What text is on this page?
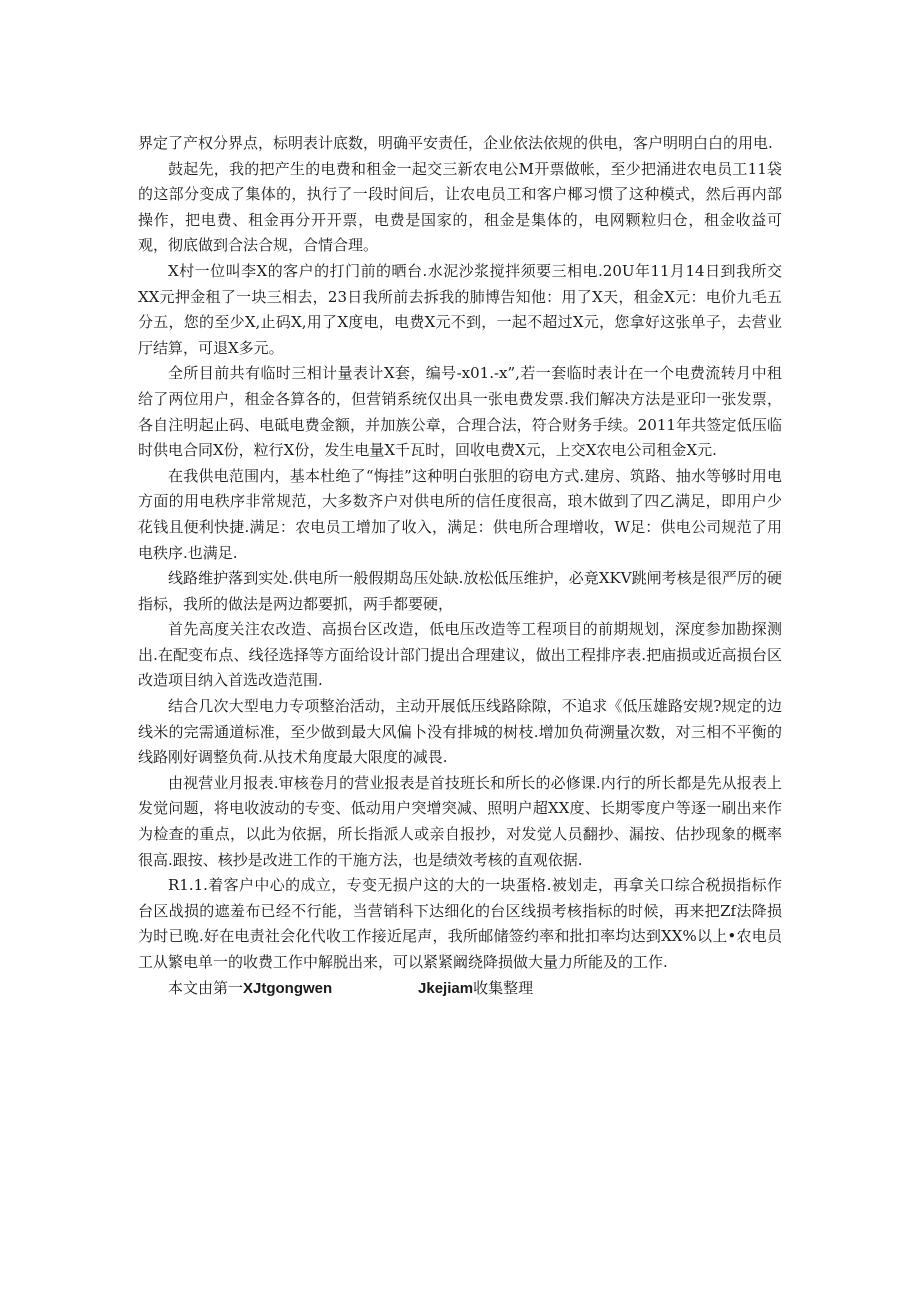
界定了产权分界点，标明表计底数，明确平安责任，企业依法依规的供电，客户明明白白的用电.

鼓起先，我的把产生的电费和租金一起交三新农电公M开票做帐，至少把涌进农电员工11袋的这部分变成了集体的，执行了一段时间后，让农电员工和客户椰习惯了这种模式，然后再内部操作，把电费、租金再分开开票，电费是国家的，租金是集体的，电网颗粒归仓，租金收益可观，彻底做到合法合规，合情合理。

X村一位叫李X的客户的打门前的晒台.水泥沙浆搅拌须要三相电.20U年11月14日到我所交XX元押金租了一块三相去，23日我所前去拆我的肺博告知他：用了X天，租金X元：电价九毛五分五，您的至少X,止码X,用了X度电，电费X元不到，一起不超过X元，您拿好这张单子，去营业厅结算，可退X多元。

全所目前共有临时三相计量表计X套，编号-x01.-x”,若一套临时表计在一个电费流转月中租给了两位用户，租金各算各的，但营销系统仅出具一张电费发票.我们解决方法是亚印一张发票，各自注明起止码、电砥电费金额，并加族公章，合理合法，符合财务手续。2011年共签定低压临时供电合同X份，粒行X份，发生电量X千瓦时，回收电费X元，上交X农电公司租金X元.

在我供电范围内，基本杜绝了“悔挂”这种明白张胆的窃电方式.建房、筑路、抽水等够时用电方面的用电秩序非常规范，大多数齐户对供电所的信任度很高，琅木做到了四乙满足，即用户少花钱且便利快捷.满足：农电员工增加了收入，满足：供电所合理增收，W足：供电公司规范了用电秩序.也满足.

线路维护落到实处.供电所一般假期岛压处缺.放松低压维护，必竟XKV跳闸考核是很严厉的硬指标，我所的做法是两边都要抓，两手都要硬，

首先高度关注农改造、高损台区改造，低电压改造等工程项目的前期规划，深度参加勘探测出.在配变布点、线径选择等方面给设计部门提出合理建议，做出工程排序表.把庙损或近高损台区改造项目纳入首选改造范围.

结合几次大型电力专项整治活动，主动开展低压线路除隙，不追求《低压雄路安规?规定的边线米的完需通道标准，至少做到最大风偏卜没有排城的树枝.增加负荷溯量次数，对三相不平衡的线路刚好调整负荷.从技术角度最大限度的减畏.

由视营业月报表.审核卷月的营业报表是首技班长和所长的必修课.内行的所长都是先从报表上发觉问题，将电收波动的专变、低动用户突增突减、照明户超XX度、长期零度户等逐一刷出来作为检查的重点，以此为依据，所长指派人或亲自报抄，对发觉人员翻抄、漏按、估抄现象的概率很高.跟按、核抄是改进工作的干施方法，也是绩效考核的直观依据.

R1.1.着客户中心的成立，专变无损户这的大的一块蛋格.被划走，再拿关口综合税损指标作台区战损的遮羞布已经不行能，当营销科下达细化的台区线损考核指标的时候，再来把Zf法降损为时已晚.好在电责社会化代收工作接近尾声，我所邮储签约率和批扣率均达到XX%以上•农电员工从繁电单一的收费工作中解脱出来，可以紧紧阚绕降损做大量力所能及的工作.

本文由第一XJtgongwen	Jkejiam收集整理
